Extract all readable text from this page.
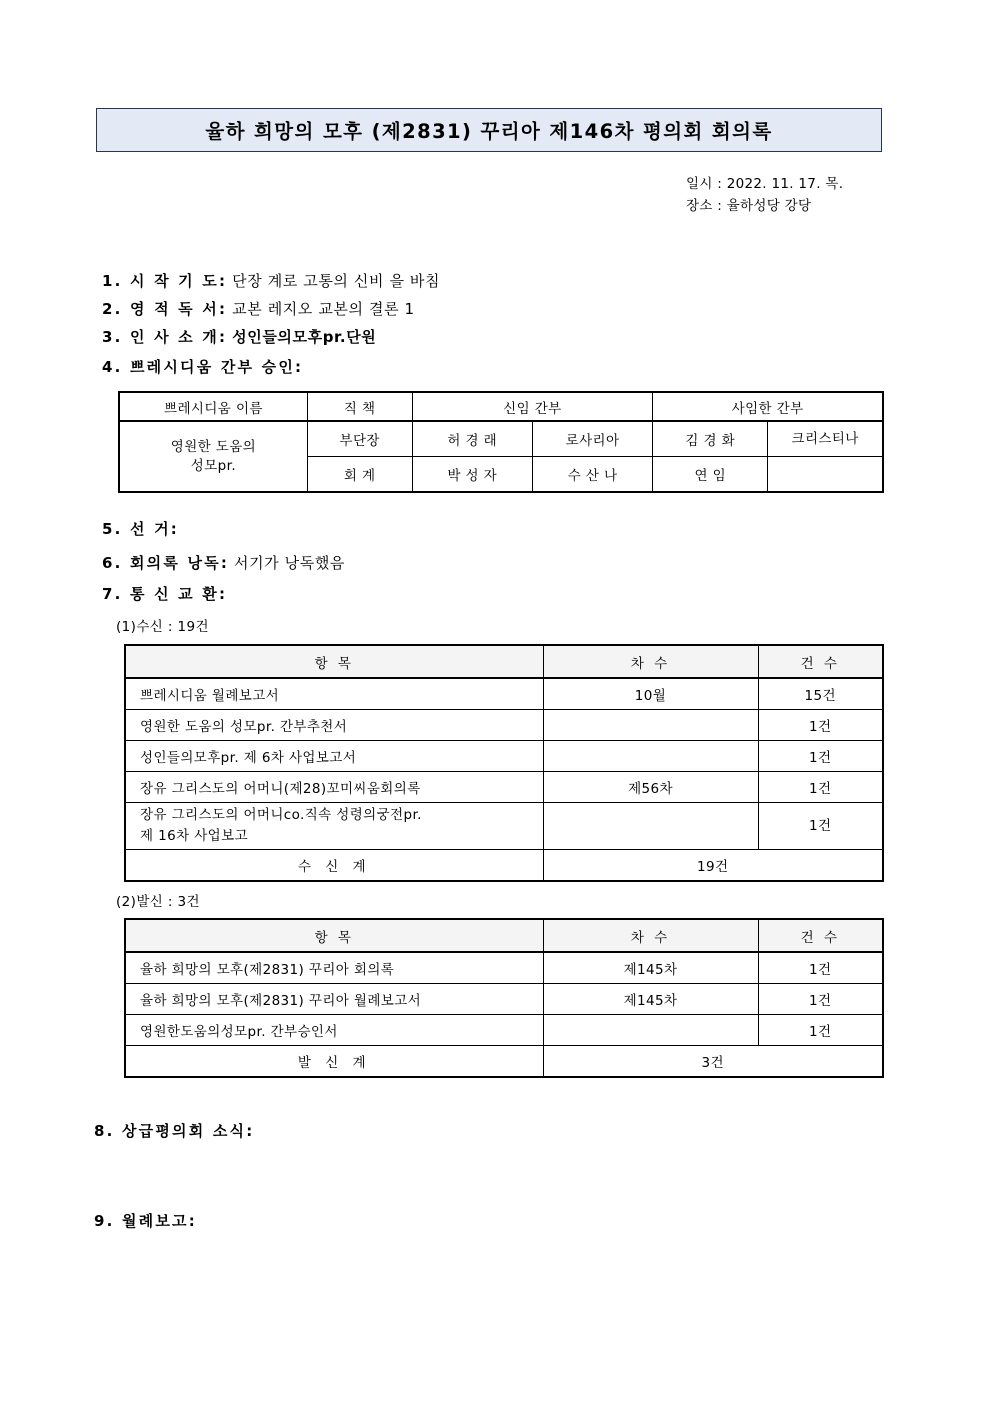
율하 희망의 모후 (제2831) 꾸리아 제146차 평의회 회의록
일시 : 2022. 11. 17. 목.
장소 : 율하성당 강당
1. 시 작 기 도: 단장 계로 고통의 신비 을 바침
2. 영 적 독 서: 교본 레지오 교본의 결론 1
3. 인 사 소 개: 성인들의모후pr.단원
4. 쁘레시디움 간부 승인:
쁘레시디움 이름	직 책	신임 간부		사임한 간부	
영원한 도움의
성모pr.	부단장	허 경 래	로사리아	김 경 화	크리스티나
	회 계	박 성 자	수 산 나	연 임	
5. 선 거:
6. 회의록 낭독: 서기가 낭독했음
7. 통 신 교 환:
(1)수신 : 19건
항 목	차 수	건 수
쁘레시디움 월례보고서	10월	15건
영원한 도움의 성모pr. 간부추천서		1건
성인들의모후pr. 제 6차 사업보고서		1건
장유 그리스도의 어머니(제28)꼬미씨움회의록	제56차	1건
장유 그리스도의 어머니co.직속 성령의궁전pr.
제 16차 사업보고		1건
수 신 계	19건	
(2)발신 : 3건
항 목	차 수	건 수
율하 희망의 모후(제2831) 꾸리아 회의록	제145차	1건
율하 희망의 모후(제2831) 꾸리아 월례보고서	제145차	1건
영원한도움의성모pr. 간부승인서		1건
발 신 계	3건	
8. 상급평의회 소식:
9. 월례보고:
